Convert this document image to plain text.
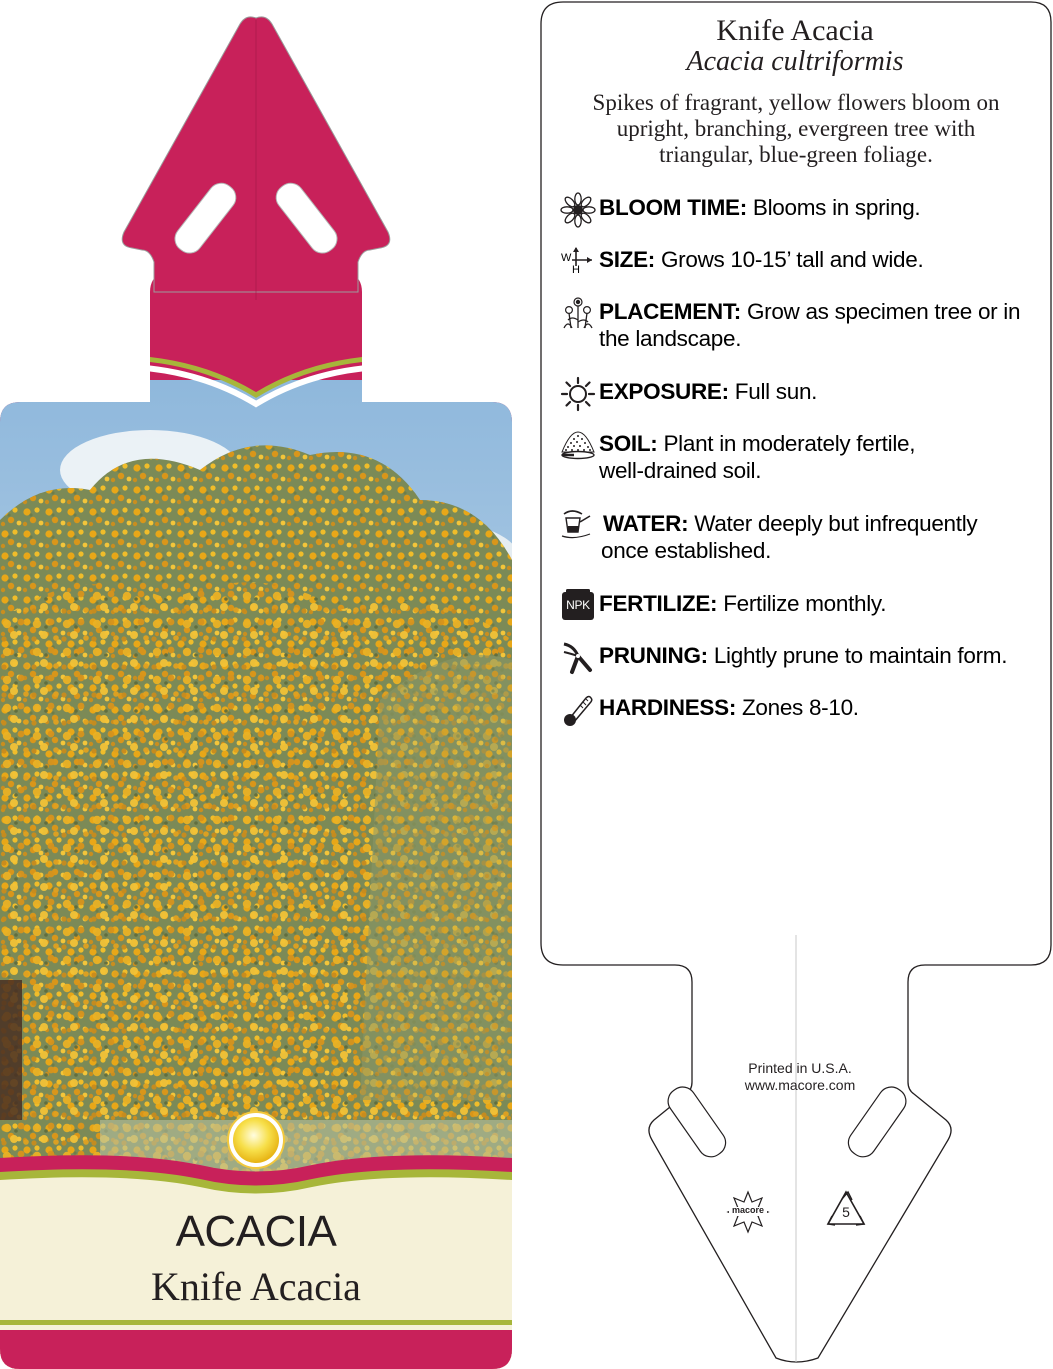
Knife Acacia
Acacia cultriformis
Spikes of fragrant, yellow flowers bloom on
upright, branching, evergreen tree with
triangular, blue-green foliage.
BLOOM TIME: Blooms in spring.
W
H SIZE: Grows 10-15’ tall and wide.
PLACEMENT: Grow as specimen tree or in
the landscape.
EXPOSURE: Full sun.
SOIL: Plant in moderately fertile,
well-drained soil.
WATER: Water deeply but infrequently
once established.
NPK FERTILIZE: Fertilize monthly.
PRUNING: Lightly prune to maintain form.
HARDINESS: Zones 8-10.
Printed in U.S.A.
www.macore.com
macore	5
ACACIA
Knife Acacia
